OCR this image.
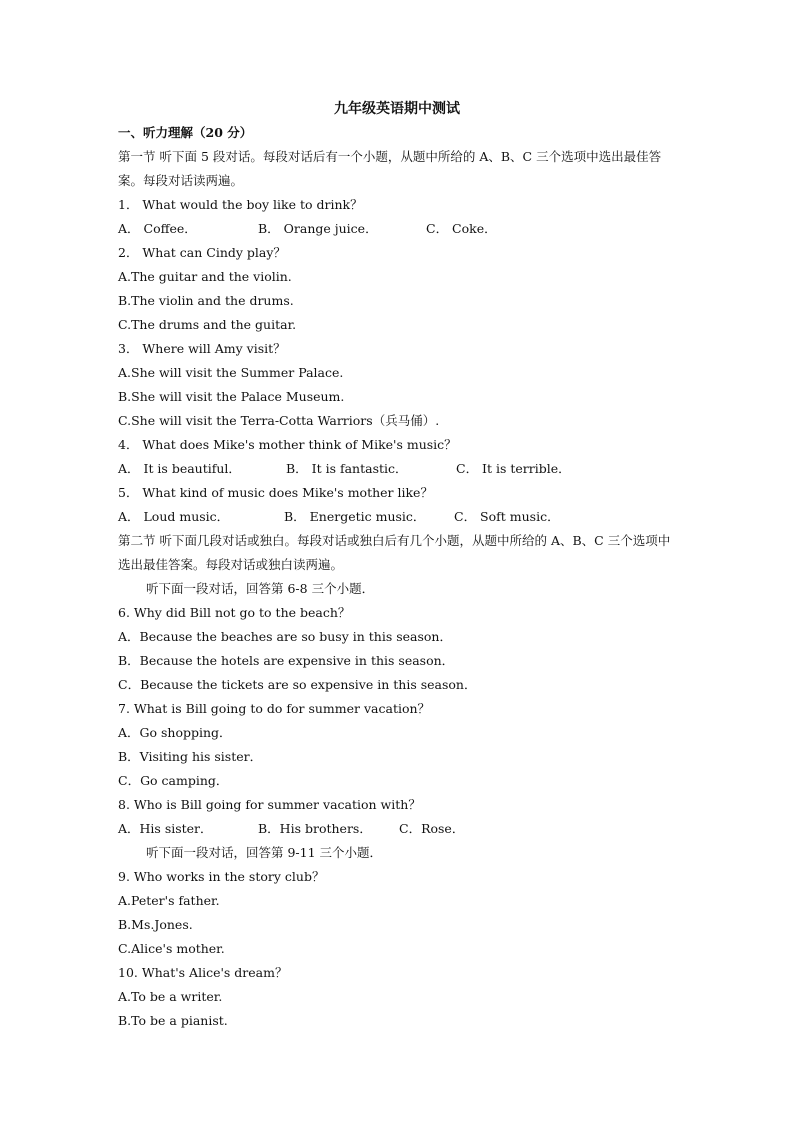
九年级英语期中测试
一、听力理解（20 分）
第一节 听下面 5 段对话。每段对话后有一个小题，从题中所给的 A、B、C 三个选项中选出最佳答案。每段对话读两遍。
1． What would the boy like to drink？
A． Coffee．	B． Orange juice．	C． Coke．
2． What can Cindy play？
A.The guitar and the violin.
B.The violin and the drums.
C.The drums and the guitar.
3． Where will Amy visit？
A.She will visit the Summer Palace.
B.She will visit the Palace Museum.
C.She will visit the Terra-Cotta Warriors（兵马俑）.
4． What does Mike's mother think of Mike's music？
A． It is beautiful．	B． It is fantastic．	C． It is terrible．
5． What kind of music does Mike's mother like？
A． Loud music．	B． Energetic music． C． Soft music．
第二节 听下面几段对话或独白。每段对话或独白后有几个小题，从题中所给的 A、B、C 三个选项中选出最佳答案。每段对话或独白读两遍。
听下面一段对话，回答第 6-8 三个小题．
6. Why did Bill not go to the beach？
A．Because the beaches are so busy in this season．
B．Because the hotels are expensive in this season．
C．Because the tickets are so expensive in this season．
7. What is Bill going to do for summer vacation？
A．Go shopping．
B．Visiting his sister．
C．Go camping．
8. Who is Bill going for summer vacation with？
A．His sister．	B．His brothers． C．Rose．
听下面一段对话，回答第 9-11 三个小题．
9. Who works in the story club？
A.Peter's father.
B.Ms.Jones.
C.Alice's mother.
10. What's Alice's dream？
A.To be a writer.
B.To be a pianist.
